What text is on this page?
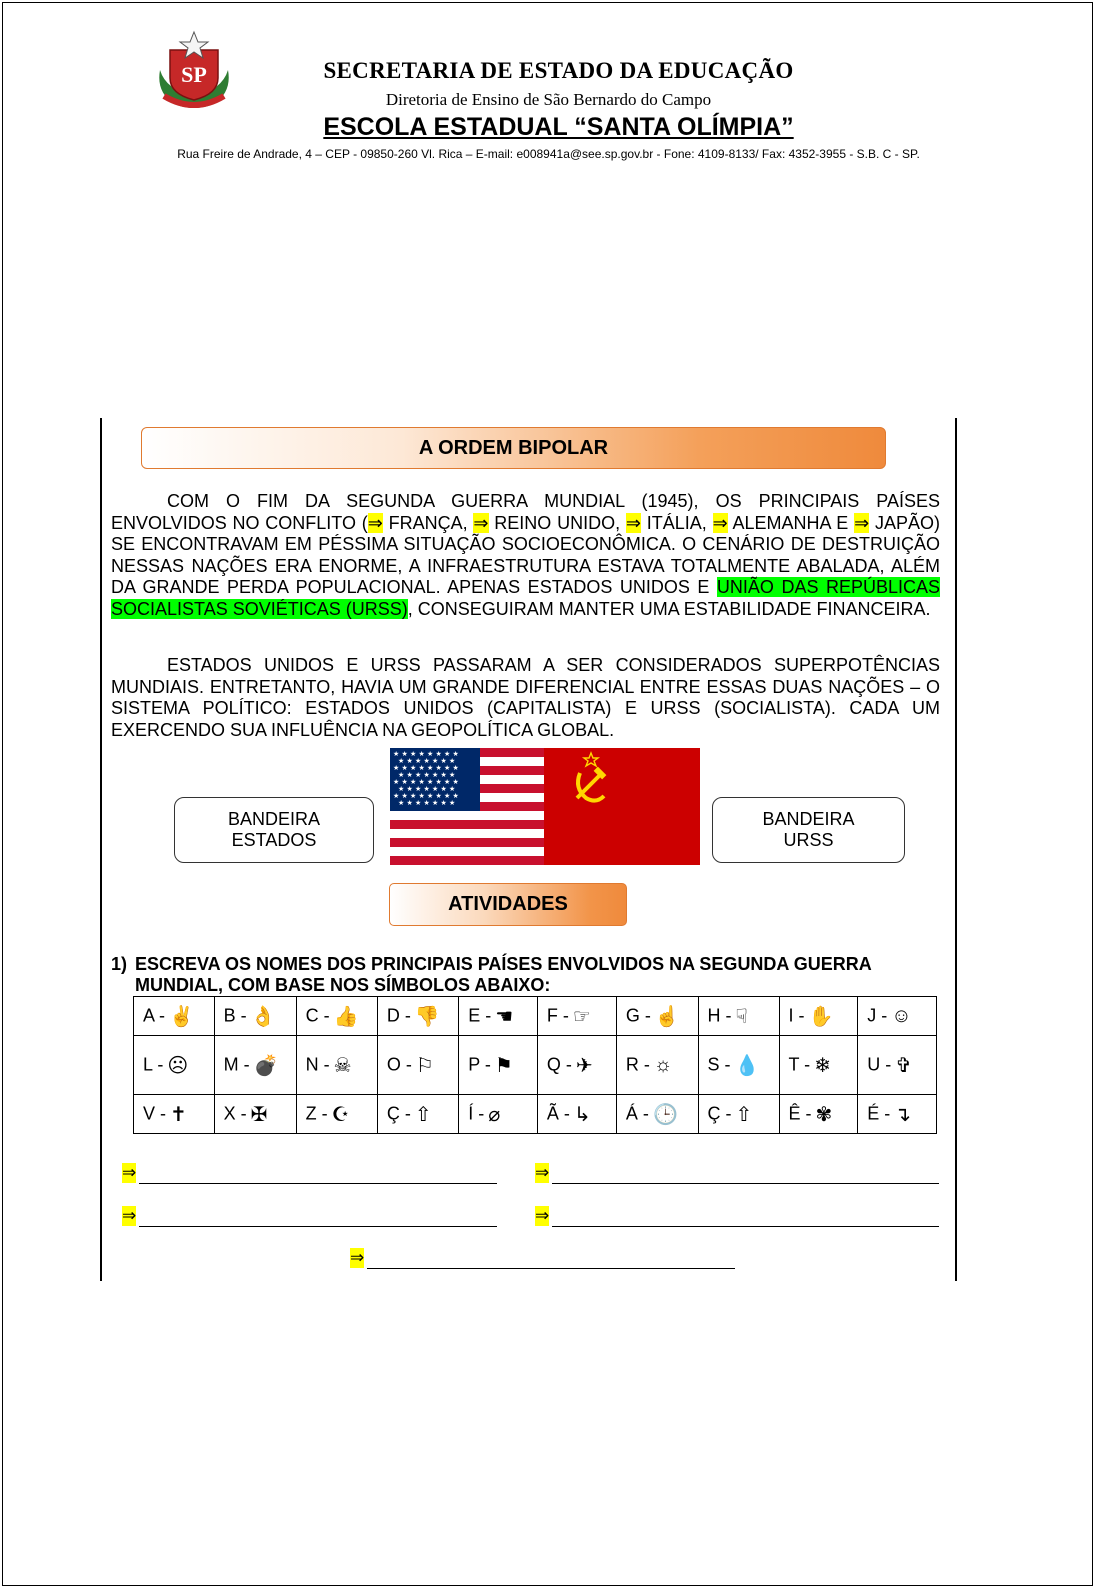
SP	SECRETARIA DE ESTADO DA EDUCAÇÃO
Diretoria de Ensino de São Bernardo do Campo
ESCOLA ESTADUAL “SANTA OLÍMPIA”
Rua Freire de Andrade, 4 – CEP - 09850-260 Vl. Rica – E-mail: e008941a@see.sp.gov.br - Fone: 4109-8133/ Fax: 4352-3955 - S.B. C - SP.
A ORDEM BIPOLAR
COM O FIM DA SEGUNDA GUERRA MUNDIAL (1945), OS PRINCIPAIS PAÍSES ENVOLVIDOS NO CONFLITO (⇒ FRANÇA, ⇒ REINO UNIDO, ⇒ ITÁLIA, ⇒ ALEMANHA E ⇒ JAPÃO) SE ENCONTRAVAM EM PÉSSIMA SITUAÇÃO SOCIOECONÔMICA. O CENÁRIO DE DESTRUIÇÃO NESSAS NAÇÕES ERA ENORME, A INFRAESTRUTURA ESTAVA TOTALMENTE ABALADA, ALÉM DA GRANDE PERDA POPULACIONAL. APENAS ESTADOS UNIDOS E UNIÃO DAS REPÚBLICAS SOCIALISTAS SOVIÉTICAS (URSS), CONSEGUIRAM MANTER UMA ESTABILIDADE FINANCEIRA.
ESTADOS UNIDOS E URSS PASSARAM A SER CONSIDERADOS SUPERPOTÊNCIAS MUNDIAIS. ENTRETANTO, HAVIA UM GRANDE DIFERENCIAL ENTRE ESSAS DUAS NAÇÕES – O SISTEMA POLÍTICO: ESTADOS UNIDOS (CAPITALISTA) E URSS (SOCIALISTA). CADA UM EXERCENDO SUA INFLUÊNCIA NA GEOPOLÍTICA GLOBAL.
BANDEIRA
ESTADOS
★ ★ ★ ★ ★ ★ ★ ★
★ ★ ★ ★ ★ ★ ★
★ ★ ★ ★ ★ ★ ★ ★
★ ★ ★ ★ ★ ★ ★
★ ★ ★ ★ ★ ★ ★ ★
★ ★ ★ ★ ★ ★ ★
★ ★ ★ ★ ★ ★ ★ ★
★ ★ ★ ★ ★ ★ ★
BANDEIRA
URSS
ATIVIDADES
1) ESCREVA OS NOMES DOS PRINCIPAIS PAÍSES ENVOLVIDOS NA SEGUNDA GUERRA
MUNDIAL, COM BASE NOS SÍMBOLOS ABAIXO:
A - ✌	B - 👌	C - 👍	D - 👎	E - ☚	F - ☞	G - ☝	H - ☟	I - ✋	J - ☺
L - ☹	M - 💣	N - ☠	O - ⚐	P - ⚑	Q - ✈	R - ☼	S - 💧	T - ❄	U - ✞
V - ✝	X - ✠	Z - ☪	Ç - ⇧	Í - ⌀	Ã - ↳	Á - 🕒	Ç - ⇧	Ê - ✾	É - ↴
⇒	⇒
⇒	⇒
⇒
